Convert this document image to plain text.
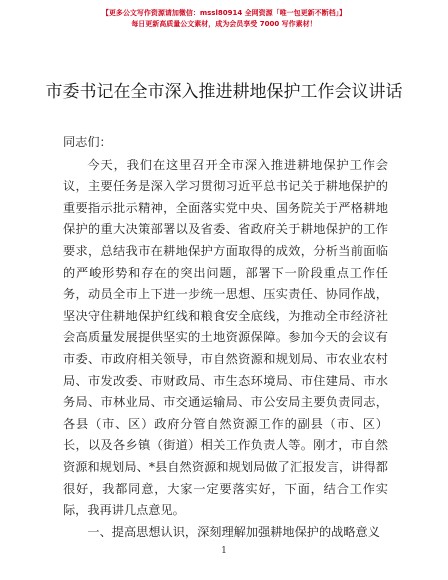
【更多公文写作资源请加微信：mssl80914 全网资源「唯一包更新不断档」】
每日更新高质量公文素材，成为会员享受 7000 写作素材！
市委书记在全市深入推进耕地保护工作会议讲话

同志们：

今天，我们在这里召开全市深入推进耕地保护工作会议，主要任务是深入学习贯彻习近平总书记关于耕地保护的重要指示批示精神，全面落实党中央、国务院关于严格耕地保护的重大决策部署以及省委、省政府关于耕地保护的工作要求，总结我市在耕地保护方面取得的成效，分析当前面临的严峻形势和存在的突出问题，部署下一阶段重点工作任务，动员全市上下进一步统一思想、压实责任、协同作战，坚决守住耕地保护红线和粮食安全底线，为推动全市经济社会高质量发展提供坚实的土地资源保障。参加今天的会议有市委、市政府相关领导，市自然资源和规划局、市农业农村局、市发改委、市财政局、市生态环境局、市住建局、市水务局、市林业局、市交通运输局、市公安局主要负责同志，各县（市、区）政府分管自然资源工作的副县（市、区）长，以及各乡镇（街道）相关工作负责人等。刚才，市自然资源和规划局、*县自然资源和规划局做了汇报发言，讲得都很好，我都同意，大家一定要落实好，下面，结合工作实际，我再讲几点意见。

一、提高思想认识，深刻理解加强耕地保护的战略意义

1
